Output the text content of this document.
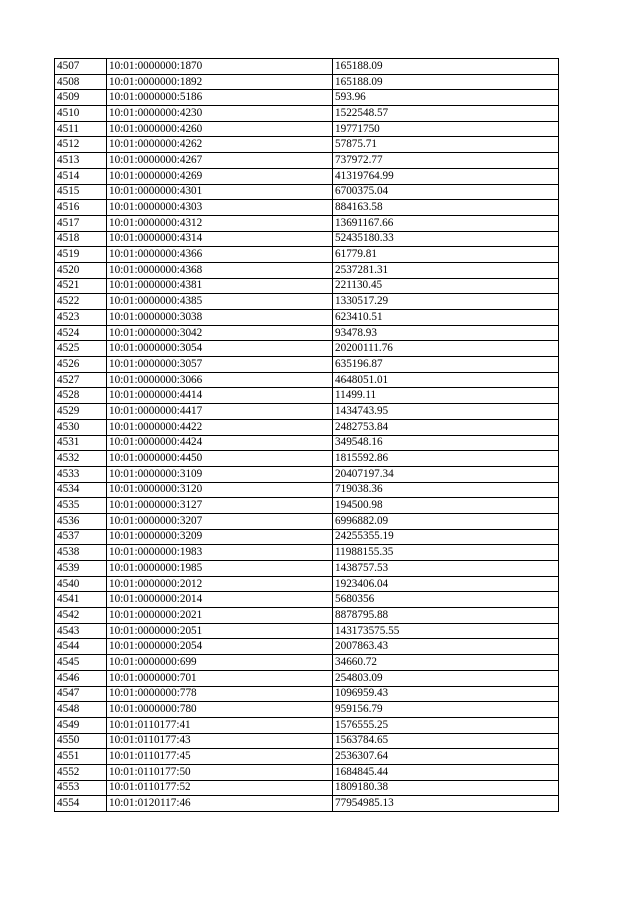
4507	10:01:0000000:1870	165188.09
4508	10:01:0000000:1892	165188.09
4509	10:01:0000000:5186	593.96
4510	10:01:0000000:4230	1522548.57
4511	10:01:0000000:4260	19771750
4512	10:01:0000000:4262	57875.71
4513	10:01:0000000:4267	737972.77
4514	10:01:0000000:4269	41319764.99
4515	10:01:0000000:4301	6700375.04
4516	10:01:0000000:4303	884163.58
4517	10:01:0000000:4312	13691167.66
4518	10:01:0000000:4314	52435180.33
4519	10:01:0000000:4366	61779.81
4520	10:01:0000000:4368	2537281.31
4521	10:01:0000000:4381	221130.45
4522	10:01:0000000:4385	1330517.29
4523	10:01:0000000:3038	623410.51
4524	10:01:0000000:3042	93478.93
4525	10:01:0000000:3054	20200111.76
4526	10:01:0000000:3057	635196.87
4527	10:01:0000000:3066	4648051.01
4528	10:01:0000000:4414	11499.11
4529	10:01:0000000:4417	1434743.95
4530	10:01:0000000:4422	2482753.84
4531	10:01:0000000:4424	349548.16
4532	10:01:0000000:4450	1815592.86
4533	10:01:0000000:3109	20407197.34
4534	10:01:0000000:3120	719038.36
4535	10:01:0000000:3127	194500.98
4536	10:01:0000000:3207	6996882.09
4537	10:01:0000000:3209	24255355.19
4538	10:01:0000000:1983	11988155.35
4539	10:01:0000000:1985	1438757.53
4540	10:01:0000000:2012	1923406.04
4541	10:01:0000000:2014	5680356
4542	10:01:0000000:2021	8878795.88
4543	10:01:0000000:2051	143173575.55
4544	10:01:0000000:2054	2007863.43
4545	10:01:0000000:699	34660.72
4546	10:01:0000000:701	254803.09
4547	10:01:0000000:778	1096959.43
4548	10:01:0000000:780	959156.79
4549	10:01:0110177:41	1576555.25
4550	10:01:0110177:43	1563784.65
4551	10:01:0110177:45	2536307.64
4552	10:01:0110177:50	1684845.44
4553	10:01:0110177:52	1809180.38
4554	10:01:0120117:46	77954985.13
